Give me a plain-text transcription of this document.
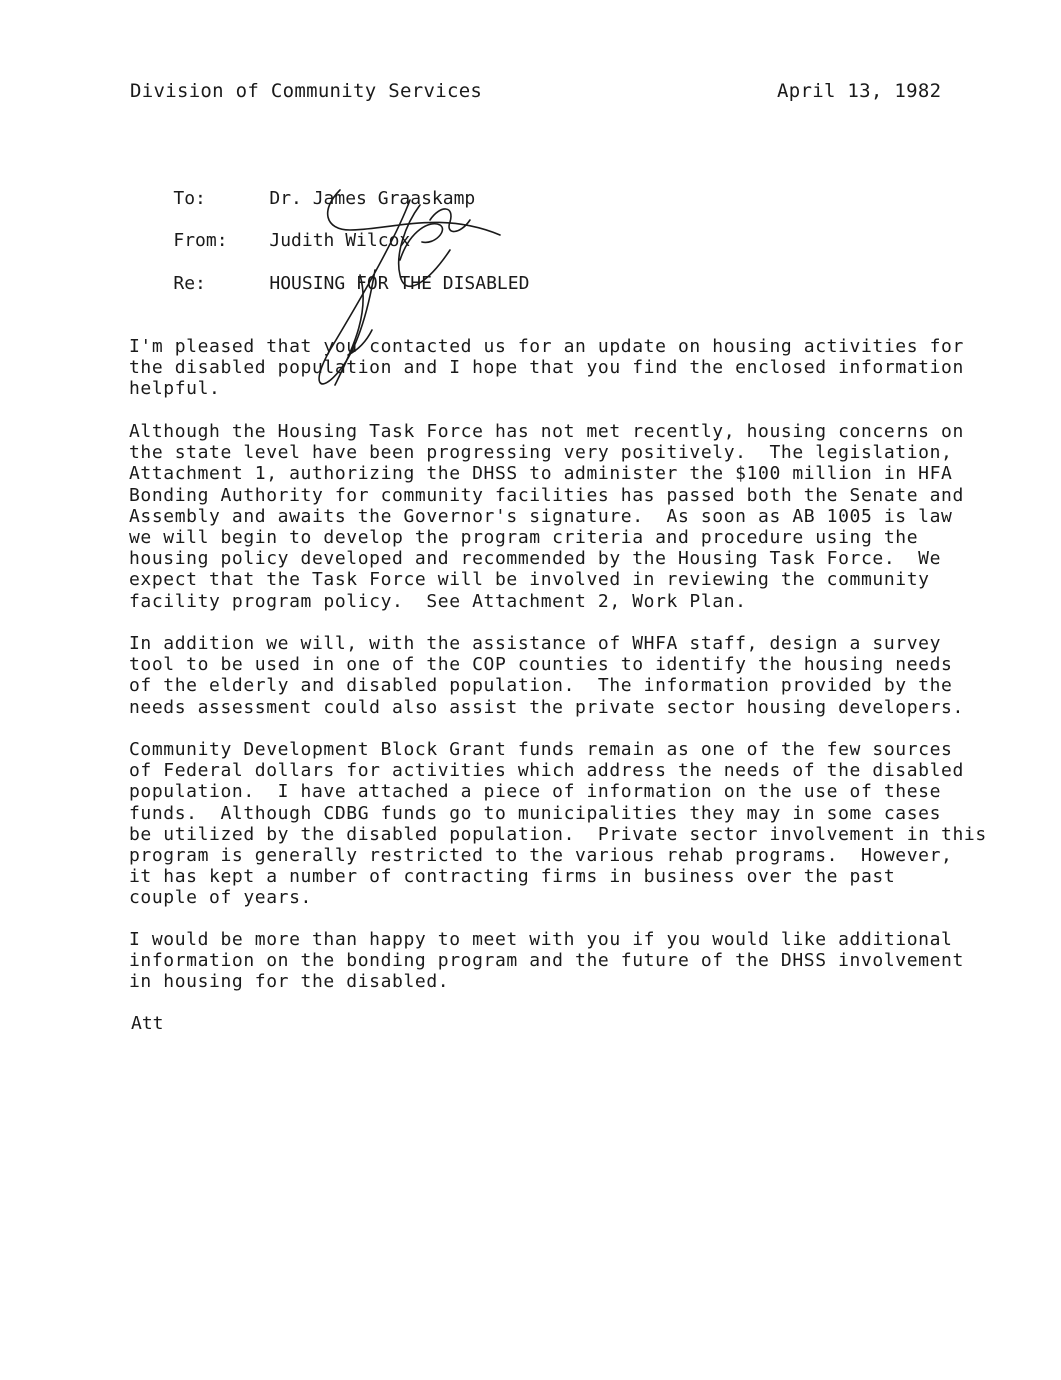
Division of Community Services	April 13, 1982

To:	Dr. James Graaskamp

From: Judith Wilcox

Re:	HOUSING FOR THE DISABLED

I'm pleased that you contacted us for an update on housing activities for
the disabled population and I hope that you find the enclosed information
helpful.
Although the Housing Task Force has not met recently, housing concerns on
the state level have been progressing very positively.  The legislation,
Attachment 1, authorizing the DHSS to administer the $100 million in HFA
Bonding Authority for community facilities has passed both the Senate and
Assembly and awaits the Governor's signature.  As soon as AB 1005 is law
we will begin to develop the program criteria and procedure using the
housing policy developed and recommended by the Housing Task Force.  We
expect that the Task Force will be involved in reviewing the community
facility program policy.  See Attachment 2, Work Plan.
In addition we will, with the assistance of WHFA staff, design a survey
tool to be used in one of the COP counties to identify the housing needs
of the elderly and disabled population.  The information provided by the
needs assessment could also assist the private sector housing developers.
Community Development Block Grant funds remain as one of the few sources
of Federal dollars for activities which address the needs of the disabled
population.  I have attached a piece of information on the use of these
funds.  Although CDBG funds go to municipalities they may in some cases
be utilized by the disabled population.  Private sector involvement in this
program is generally restricted to the various rehab programs.  However,
it has kept a number of contracting firms in business over the past
couple of years.
I would be more than happy to meet with you if you would like additional
information on the bonding program and the future of the DHSS involvement
in housing for the disabled.
Att
